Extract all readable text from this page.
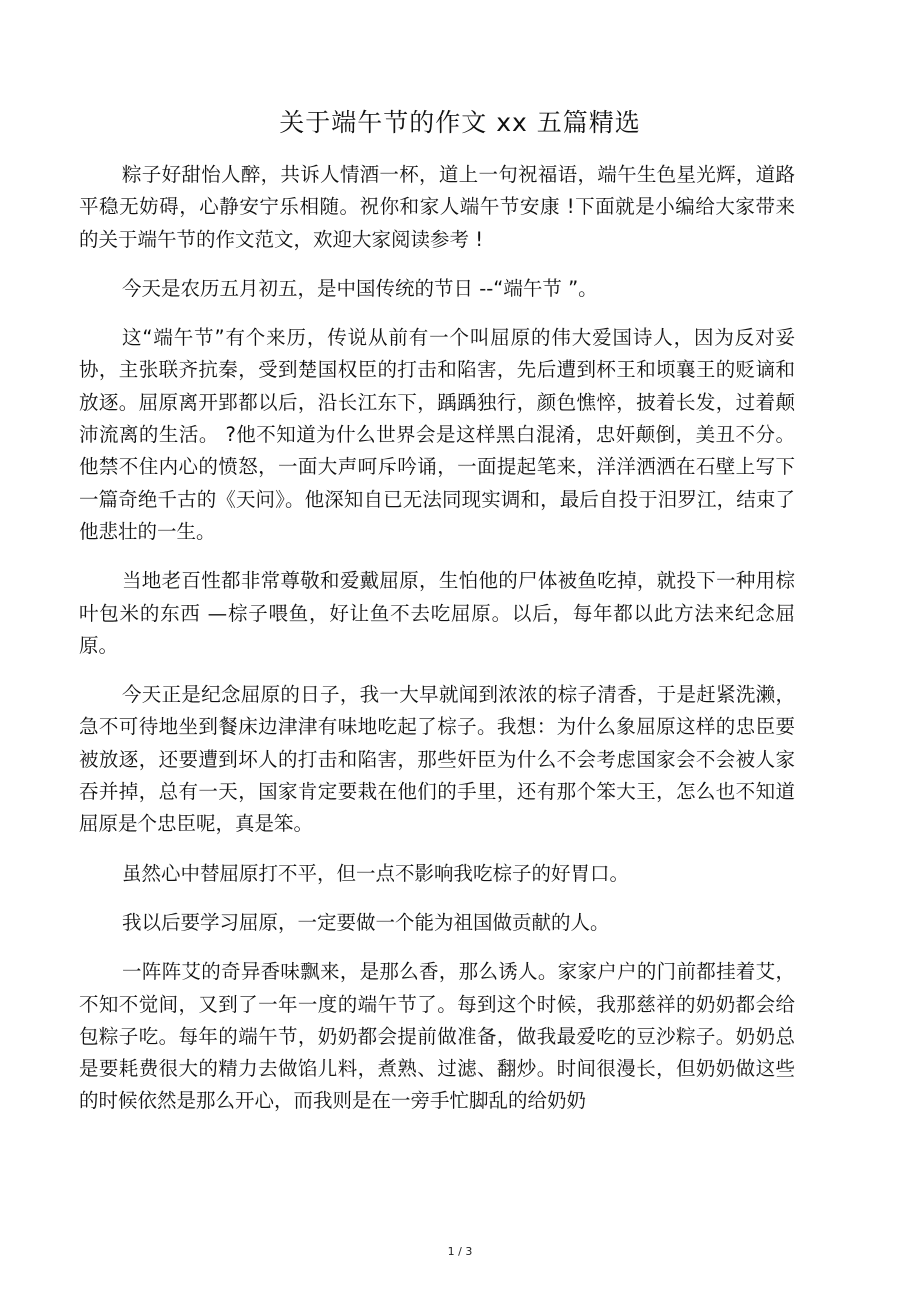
关于端午节的作文 xx 五篇精选

粽子好甜怡人醉，共诉人情酒一杯，道上一句祝福语，端午生色星光辉，道路平稳无妨碍，心静安宁乐相随。祝你和家人端午节安康 !下面就是小编给大家带来的关于端午节的作文范文，欢迎大家阅读参考 !

今天是农历五月初五，是中国传统的节日 --“端午节 ”。

这“端午节”有个来历，传说从前有一个叫屈原的伟大爱国诗人，因为反对妥协，主张联齐抗秦，受到楚国权臣的打击和陷害，先后遭到杯王和顷襄王的贬谪和放逐。屈原离开郢都以后，沿长江东下，踽踽独行，颜色憔悴，披着长发，过着颠沛流离的生活。 ?他不知道为什么世界会是这样黑白混淆，忠奸颠倒，美丑不分。他禁不住内心的愤怒，一面大声呵斥吟诵，一面提起笔来，洋洋洒洒在石壁上写下一篇奇绝千古的《天问》。他深知自已无法同现实调和，最后自投于汨罗江，结束了他悲壮的一生。

当地老百性都非常尊敬和爱戴屈原，生怕他的尸体被鱼吃掉，就投下一种用棕叶包米的东西 —棕子喂鱼，好让鱼不去吃屈原。以后，每年都以此方法来纪念屈原。

今天正是纪念屈原的日子，我一大早就闻到浓浓的棕子清香，于是赶紧洗濑，急不可待地坐到餐床边津津有味地吃起了棕子。我想：为什么象屈原这样的忠臣要被放逐，还要遭到坏人的打击和陷害，那些奸臣为什么不会考虑国家会不会被人家吞并掉，总有一天，国家肯定要栽在他们的手里，还有那个笨大王，怎么也不知道屈原是个忠臣呢，真是笨。

虽然心中替屈原打不平，但一点不影响我吃棕子的好胃口。

我以后要学习屈原，一定要做一个能为祖国做贡献的人。

一阵阵艾的奇异香味飘来，是那么香，那么诱人。家家户户的门前都挂着艾，不知不觉间，又到了一年一度的端午节了。每到这个时候，我那慈祥的奶奶都会给包粽子吃。每年的端午节，奶奶都会提前做准备，做我最爱吃的豆沙粽子。奶奶总是要耗费很大的精力去做馅儿料，煮熟、过滤、翻炒。时间很漫长，但奶奶做这些的时候依然是那么开心，而我则是在一旁手忙脚乱的给奶奶

1 / 3
